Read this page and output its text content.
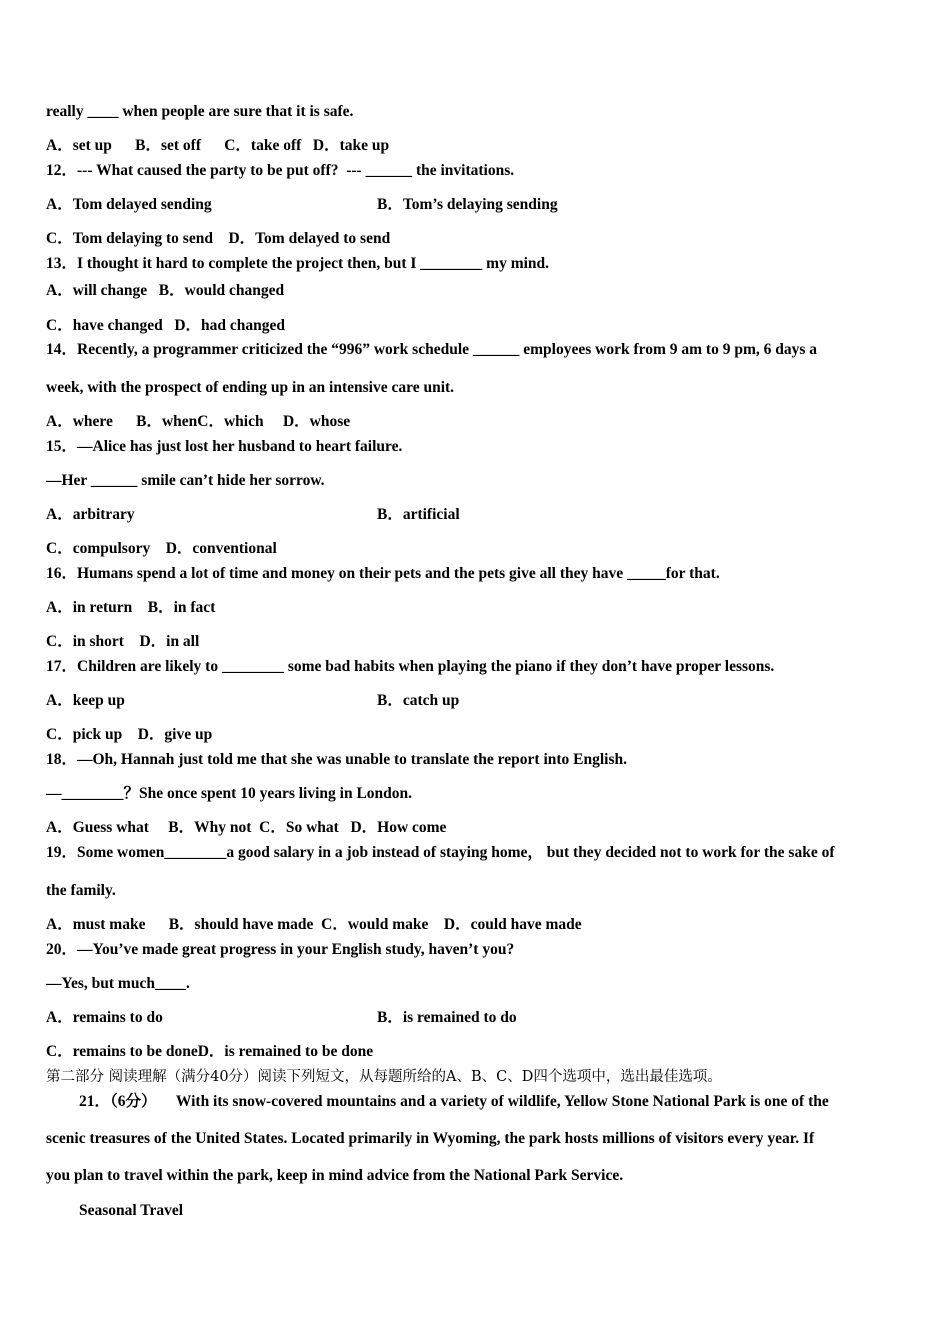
really ____ when people are sure that it is safe.
A．set up      B．set off      C．take off   D．take up
12．--- What caused the party to be put off?  --- ______ the invitations.
A．Tom delayed sending	B．Tom’s delaying sending
C．Tom delaying to send    D．Tom delayed to send
13．I thought it hard to complete the project then, but I ________ my mind.
A．will change   B．would changed
C．have changed   D．had changed
14．Recently, a programmer criticized the “996” work schedule ______ employees work from 9 am to 9 pm, 6 days a
week, with the prospect of ending up in an intensive care unit.
A．where      B．whenC．which     D．whose
15．—Alice has just lost her husband to heart failure.
—Her ______ smile can’t hide her sorrow.
A．arbitrary	B．artificial
C．compulsory    D．conventional
16．Humans spend a lot of time and money on their pets and the pets give all they have _____for that.
A．in return    B．in fact
C．in short    D．in all
17．Children are likely to ________ some bad habits when playing the piano if they don’t have proper lessons.
A．keep up	B．catch up
C．pick up    D．give up
18．—Oh, Hannah just told me that she was unable to translate the report into English.
—________？She once spent 10 years living in London.
A．Guess what     B．Why not  C．So what   D．How come
19．Some women________a good salary in a job instead of staying home， but they decided not to work for the sake of
the family.
A．must make      B．should have made  C．would make    D．could have made
20．—You’ve made great progress in your English study, haven’t you?
—Yes, but much____.
A．remains to do	B．is remained to do
C．remains to be doneD．is remained to be done
第二部分 阅读理解（满分40分）阅读下列短文，从每题所给的A、B、C、D四个选项中，选出最佳选项。
21．（6分）     With its snow-covered mountains and a variety of wildlife, Yellow Stone National Park is one of the
scenic treasures of the United States. Located primarily in Wyoming, the park hosts millions of visitors every year. If
you plan to travel within the park, keep in mind advice from the National Park Service.
Seasonal Travel
